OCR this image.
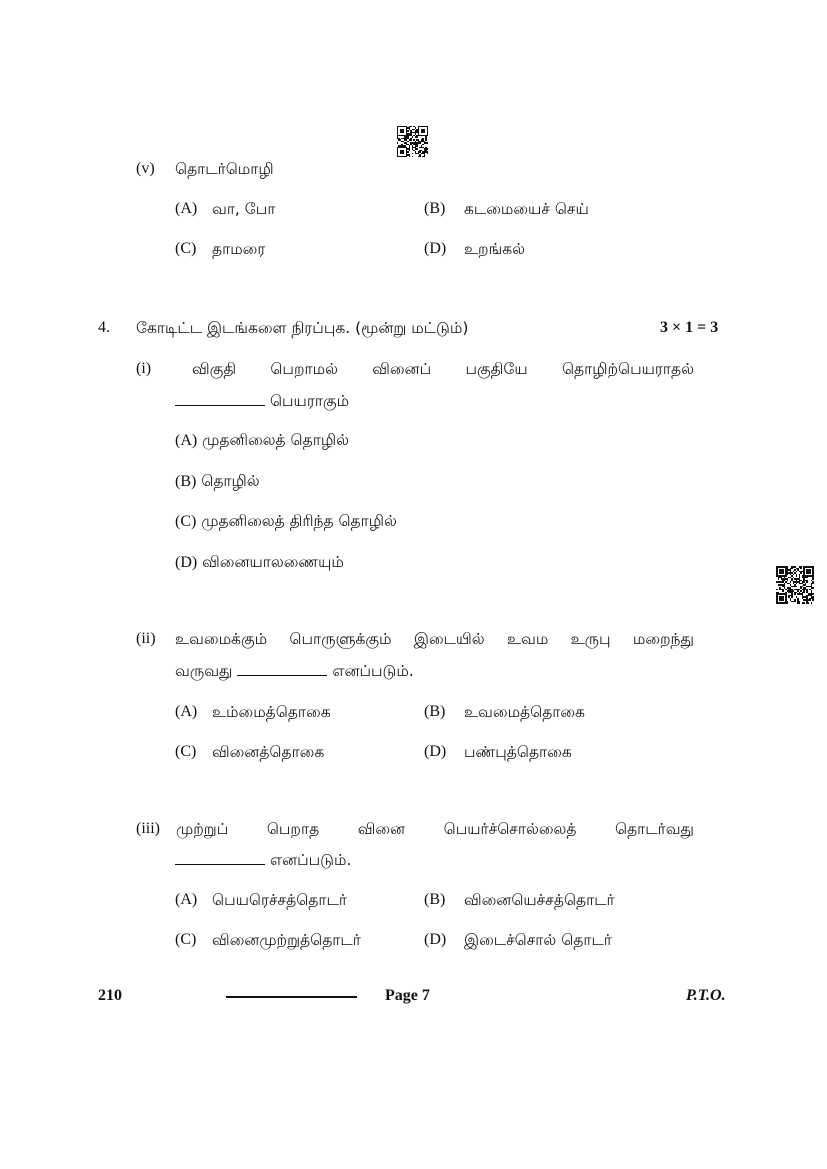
(v) தொடர்மொழி
(A) வா, போ	(B) கடமையைச் செய்
(C) தாமரை	(D) உறங்கல்
4. கோடிட்ட இடங்களை நிரப்புக. (மூன்று மட்டும்)	3 × 1 = 3
(i)	விகுதி பெறாமல் வினைப் பகுதியே தொழிற்பெயராதல்
பெயராகும்
(A) முதனிலைத் தொழில்
(B) தொழில்
(C) முதனிலைத் திரிந்த தொழில்
(D) வினையாலணையும்
(ii) உவமைக்கும் பொருளுக்கும் இடையில் உவம உருபு மறைந்து
வருவது	எனப்படும்.
(A) உம்மைத்தொகை	(B) உவமைத்தொகை
(C) வினைத்தொகை	(D) பண்புத்தொகை
(iii) முற்றுப் பெறாத வினை பெயர்ச்சொல்லைத் தொடர்வது
எனப்படும்.
(A) பெயரெச்சத்தொடர்	(B) வினையெச்சத்தொடர்
(C) வினைமுற்றுத்தொடர்	(D) இடைச்சொல் தொடர்
210	Page 7	P.T.O.
